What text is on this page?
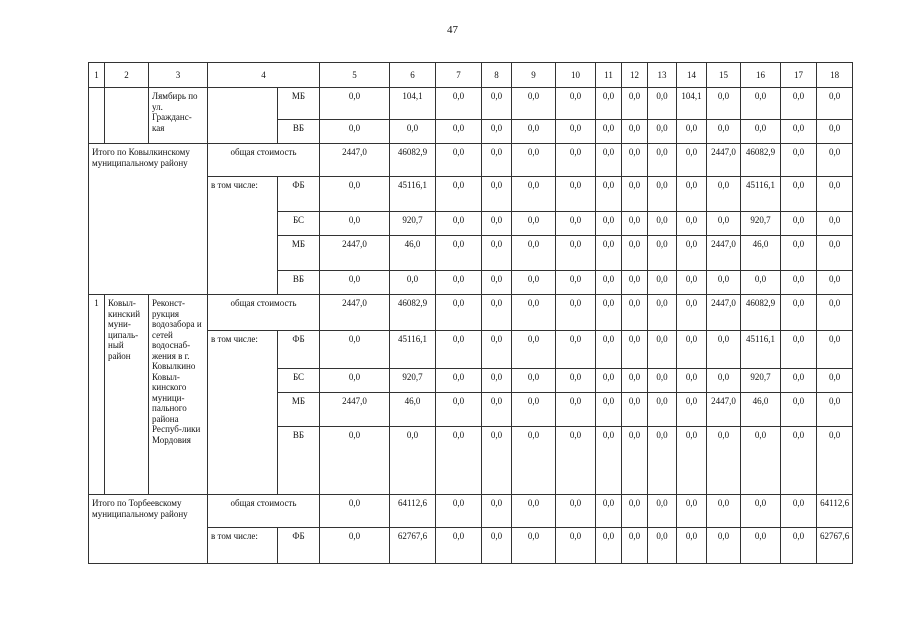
47
1	2	3	4		5	6	7	8	9	10	11	12	13	14	15	16	17	18
		Лямбирь по ул. Гражданс-кая		МБ	0,0	104,1	0,0	0,0	0,0	0,0	0,0	0,0	0,0	104,1	0,0	0,0	0,0	0,0
				ВБ	0,0	0,0	0,0	0,0	0,0	0,0	0,0	0,0	0,0	0,0	0,0	0,0	0,0	0,0
Итого по Ковылкинскому муниципальному району			общая стоимость		2447,0	46082,9	0,0	0,0	0,0	0,0	0,0	0,0	0,0	0,0	2447,0	46082,9	0,0	0,0
			в том числе:	ФБ	0,0	45116,1	0,0	0,0	0,0	0,0	0,0	0,0	0,0	0,0	0,0	45116,1	0,0	0,0
				БС	0,0	920,7	0,0	0,0	0,0	0,0	0,0	0,0	0,0	0,0	0,0	920,7	0,0	0,0
				МБ	2447,0	46,0	0,0	0,0	0,0	0,0	0,0	0,0	0,0	0,0	2447,0	46,0	0,0	0,0
				ВБ	0,0	0,0	0,0	0,0	0,0	0,0	0,0	0,0	0,0	0,0	0,0	0,0	0,0	0,0
1	Ковыл-кинский муни-ципаль-ный район	Реконст-рукция водозабора и сетей водоснаб-жения в г. Ковылкино Ковыл-кинского муници-пального района Респуб-лики Мордовия	общая стоимость		2447,0	46082,9	0,0	0,0	0,0	0,0	0,0	0,0	0,0	0,0	2447,0	46082,9	0,0	0,0
			в том числе:	ФБ	0,0	45116,1	0,0	0,0	0,0	0,0	0,0	0,0	0,0	0,0	0,0	45116,1	0,0	0,0
				БС	0,0	920,7	0,0	0,0	0,0	0,0	0,0	0,0	0,0	0,0	0,0	920,7	0,0	0,0
				МБ	2447,0	46,0	0,0	0,0	0,0	0,0	0,0	0,0	0,0	0,0	2447,0	46,0	0,0	0,0
				ВБ	0,0	0,0	0,0	0,0	0,0	0,0	0,0	0,0	0,0	0,0	0,0	0,0	0,0	0,0
Итого по Торбеевскому муниципальному району			общая стоимость		0,0	64112,6	0,0	0,0	0,0	0,0	0,0	0,0	0,0	0,0	0,0	0,0	0,0	64112,6
			в том числе:	ФБ	0,0	62767,6	0,0	0,0	0,0	0,0	0,0	0,0	0,0	0,0	0,0	0,0	0,0	62767,6
